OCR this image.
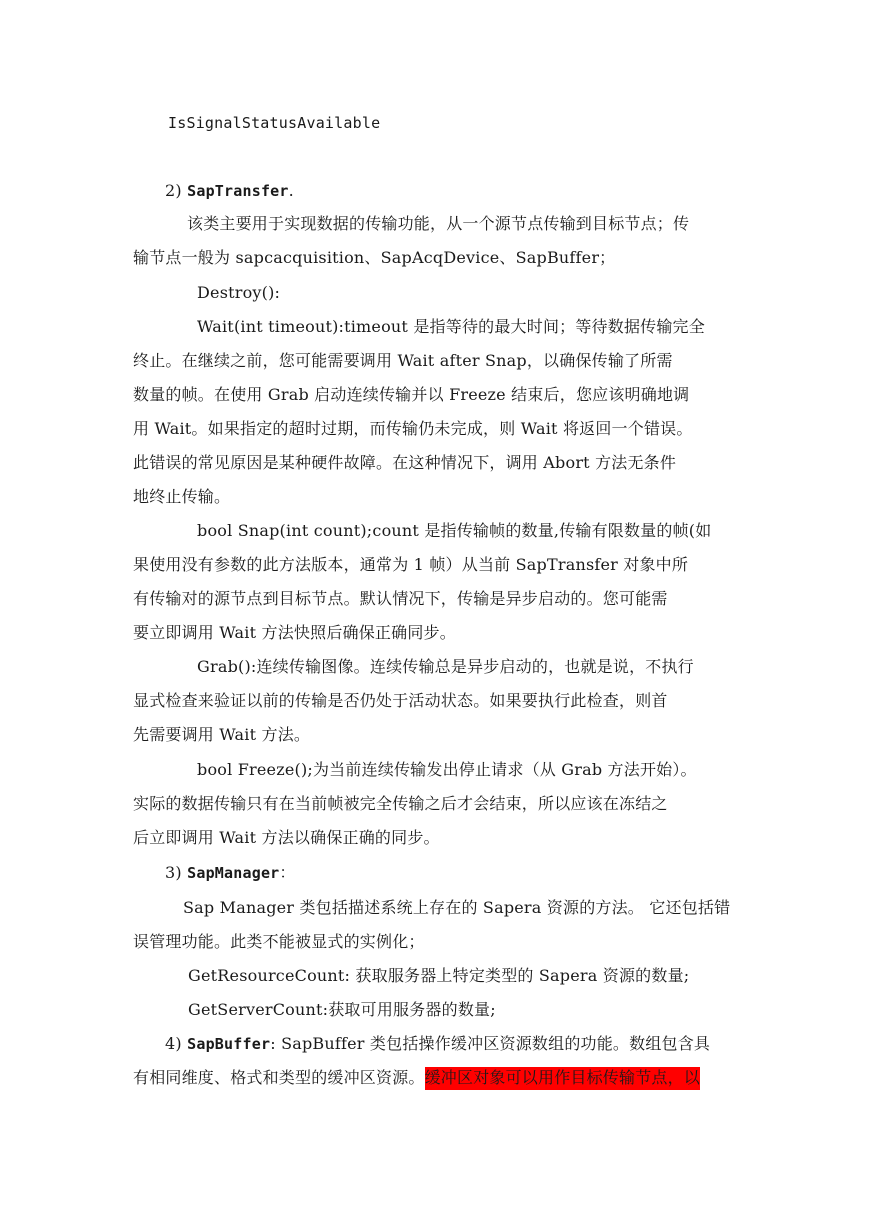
IsSignalStatusAvailable
2) SapTransfer.
该类主要用于实现数据的传输功能，从一个源节点传输到目标节点；传
输节点一般为 sapcacquisition、SapAcqDevice、SapBuffer；
Destroy():
Wait(int timeout):timeout 是指等待的最大时间；等待数据传输完全
终止。在继续之前，您可能需要调用 Wait after Snap，以确保传输了所需
数量的帧。在使用 Grab 启动连续传输并以 Freeze 结束后，您应该明确地调
用 Wait。如果指定的超时过期，而传输仍未完成，则 Wait 将返回一个错误。
此错误的常见原因是某种硬件故障。在这种情况下，调用 Abort 方法无条件
地终止传输。
bool Snap(int count);count 是指传输帧的数量,传输有限数量的帧(如
果使用没有参数的此方法版本，通常为 1 帧）从当前 SapTransfer 对象中所
有传输对的源节点到目标节点。默认情况下，传输是异步启动的。您可能需
要立即调用 Wait 方法快照后确保正确同步。
Grab():连续传输图像。连续传输总是异步启动的，也就是说，不执行
显式检查来验证以前的传输是否仍处于活动状态。如果要执行此检查，则首
先需要调用 Wait 方法。
bool Freeze();为当前连续传输发出停止请求（从 Grab 方法开始）。
实际的数据传输只有在当前帧被完全传输之后才会结束，所以应该在冻结之
后立即调用 Wait 方法以确保正确的同步。
3) SapManager：
Sap Manager 类包括描述系统上存在的 Sapera 资源的方法。 它还包括错
误管理功能。此类不能被显式的实例化；
GetResourceCount: 获取服务器上特定类型的 Sapera 资源的数量;
GetServerCount:获取可用服务器的数量;
4) SapBuffer: SapBuffer 类包括操作缓冲区资源数组的功能。数组包含具
有相同维度、格式和类型的缓冲区资源。缓冲区对象可以用作目标传输节点，以
